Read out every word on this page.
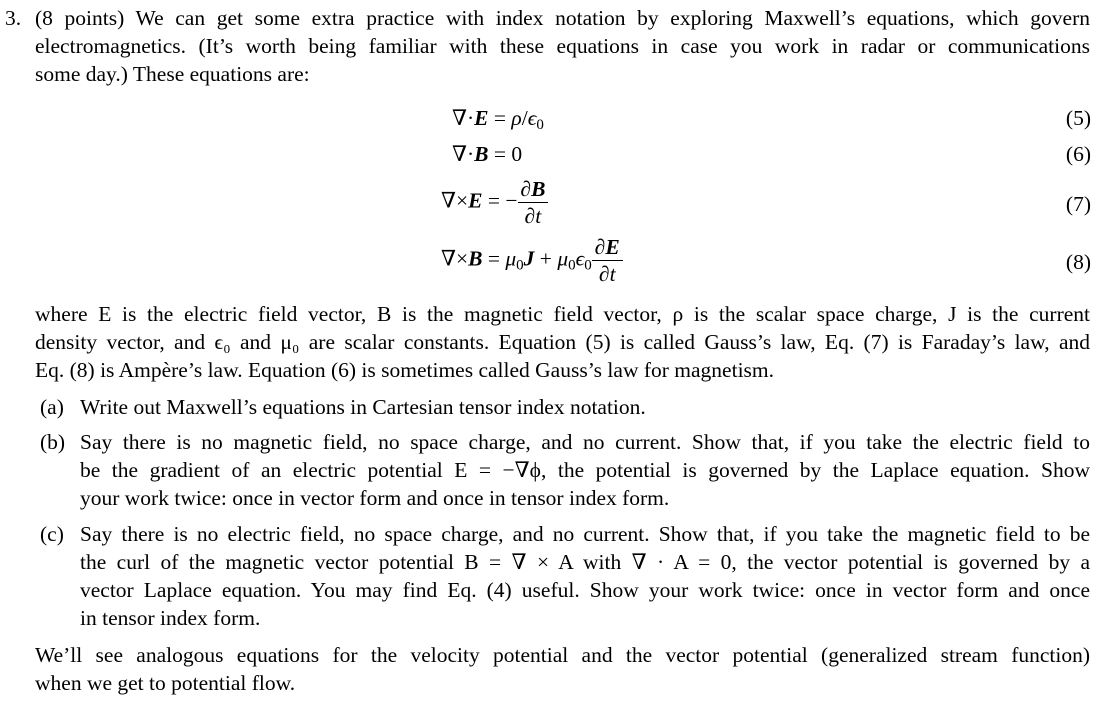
3. (8 points) We can get some extra practice with index notation by exploring Maxwell’s equations, which govern
electromagnetics. (It’s worth being familiar with these equations in case you work in radar or communications
some day.) These equations are:
$\nabla\cdot E = \rho/\epsilon_0$	(5)
∇·B = 0	(6)
∇×E = − $\frac{\partial B}{\partial t}$	(7)
$\nabla\times B = \mu_0J + \mu_0\epsilon_0 \frac{\partial E}{\partial t}$	(8)
where E is the electric field vector, B is the magnetic field vector, ρ is the scalar space charge, J is the current
density vector, and ϵ₀ and μ₀ are scalar constants. Equation (5) is called Gauss’s law, Eq. (7) is Faraday’s law, and
Eq. (8) is Ampère’s law. Equation (6) is sometimes called Gauss’s law for magnetism.
(a) Write out Maxwell’s equations in Cartesian tensor index notation.
(b) Say there is no magnetic field, no space charge, and no current. Show that, if you take the electric field to
be the gradient of an electric potential E = −∇ϕ, the potential is governed by the Laplace equation. Show
your work twice: once in vector form and once in tensor index form.
(c) Say there is no electric field, no space charge, and no current. Show that, if you take the magnetic field to be
the curl of the magnetic vector potential B = ∇ × A with ∇ · A = 0, the vector potential is governed by a
vector Laplace equation. You may find Eq. (4) useful. Show your work twice: once in vector form and once
in tensor index form.
We’ll see analogous equations for the velocity potential and the vector potential (generalized stream function)
when we get to potential flow.
